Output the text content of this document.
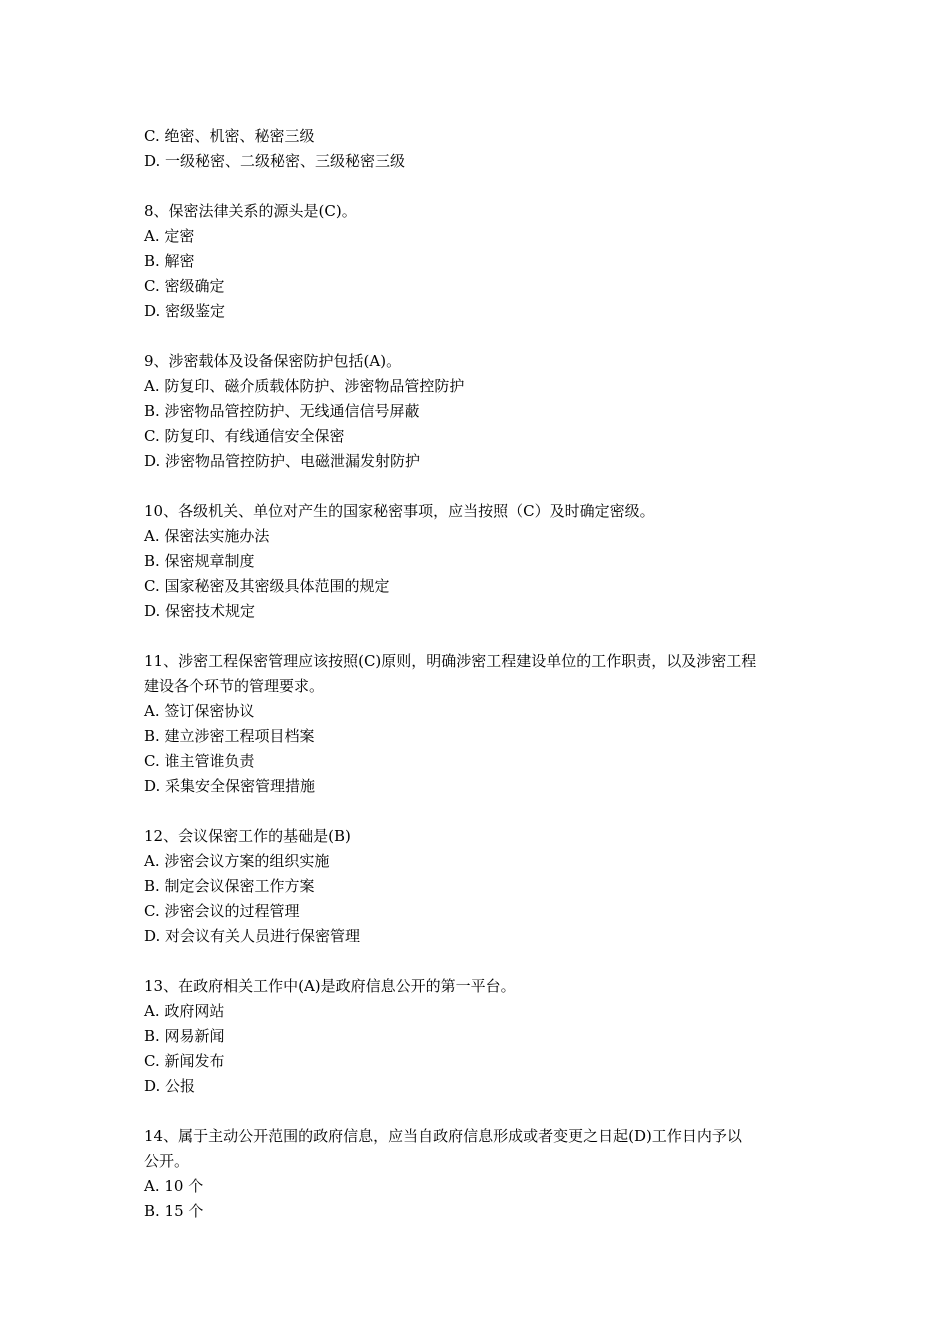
C. 绝密、机密、秘密三级
D. 一级秘密、二级秘密、三级秘密三级
8、保密法律关系的源头是(C)。
A. 定密
B. 解密
C. 密级确定
D. 密级鉴定
9、涉密载体及设备保密防护包括(A)。
A. 防复印、磁介质载体防护、涉密物品管控防护
B. 涉密物品管控防护、无线通信信号屏蔽
C. 防复印、有线通信安全保密
D. 涉密物品管控防护、电磁泄漏发射防护
10、各级机关、单位对产生的国家秘密事项，应当按照（C）及时确定密级。
A. 保密法实施办法
B. 保密规章制度
C. 国家秘密及其密级具体范围的规定
D. 保密技术规定
11、涉密工程保密管理应该按照(C)原则，明确涉密工程建设单位的工作职责，以及涉密工程
建设各个环节的管理要求。
A. 签订保密协议
B. 建立涉密工程项目档案
C. 谁主管谁负责
D. 采集安全保密管理措施
12、会议保密工作的基础是(B)
A. 涉密会议方案的组织实施
B. 制定会议保密工作方案
C. 涉密会议的过程管理
D. 对会议有关人员进行保密管理
13、在政府相关工作中(A)是政府信息公开的第一平台。
A. 政府网站
B. 网易新闻
C. 新闻发布
D. 公报
14、属于主动公开范围的政府信息，应当自政府信息形成或者变更之日起(D)工作日内予以
公开。
A. 10 个
B. 15 个
